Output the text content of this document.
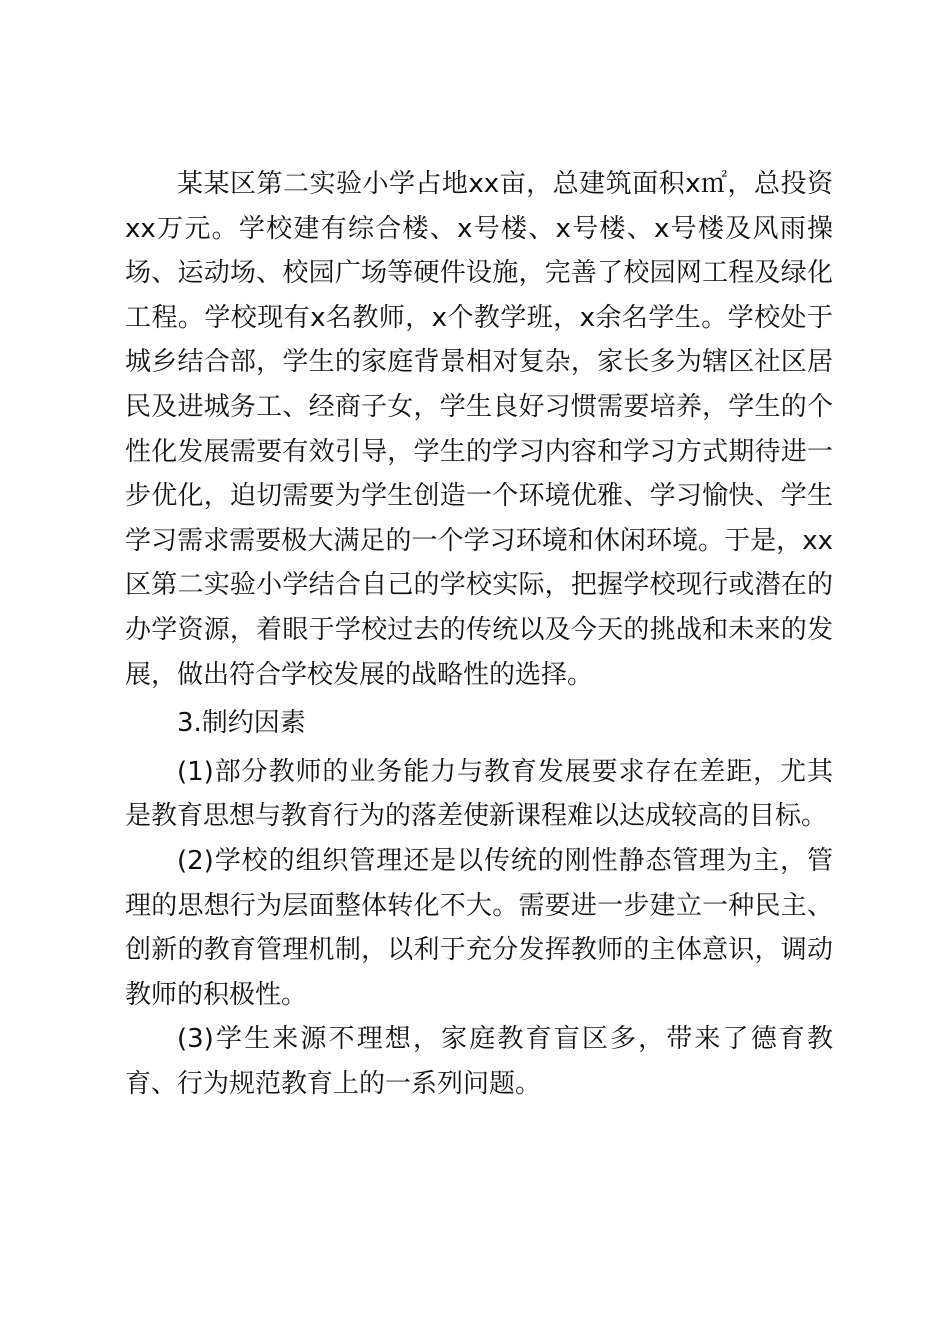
某某区第二实验小学占地xx亩，总建筑面积x㎡，总投资xx万元。学校建有综合楼、x号楼、x号楼、x号楼及风雨操场、运动场、校园广场等硬件设施，完善了校园网工程及绿化工程。学校现有x名教师，x个教学班，x余名学生。学校处于城乡结合部，学生的家庭背景相对复杂，家长多为辖区社区居民及进城务工、经商子女，学生良好习惯需要培养，学生的个性化发展需要有效引导，学生的学习内容和学习方式期待进一步优化，迫切需要为学生创造一个环境优雅、学习愉快、学生学习需求需要极大满足的一个学习环境和休闲环境。于是，xx区第二实验小学结合自己的学校实际，把握学校现行或潜在的办学资源，着眼于学校过去的传统以及今天的挑战和未来的发展，做出符合学校发展的战略性的选择。

3.制约因素

(1)部分教师的业务能力与教育发展要求存在差距，尤其是教育思想与教育行为的落差使新课程难以达成较高的目标。

(2)学校的组织管理还是以传统的刚性静态管理为主，管理的思想行为层面整体转化不大。需要进一步建立一种民主、创新的教育管理机制，以利于充分发挥教师的主体意识，调动教师的积极性。

(3)学生来源不理想，家庭教育盲区多，带来了德育教育、行为规范教育上的一系列问题。
